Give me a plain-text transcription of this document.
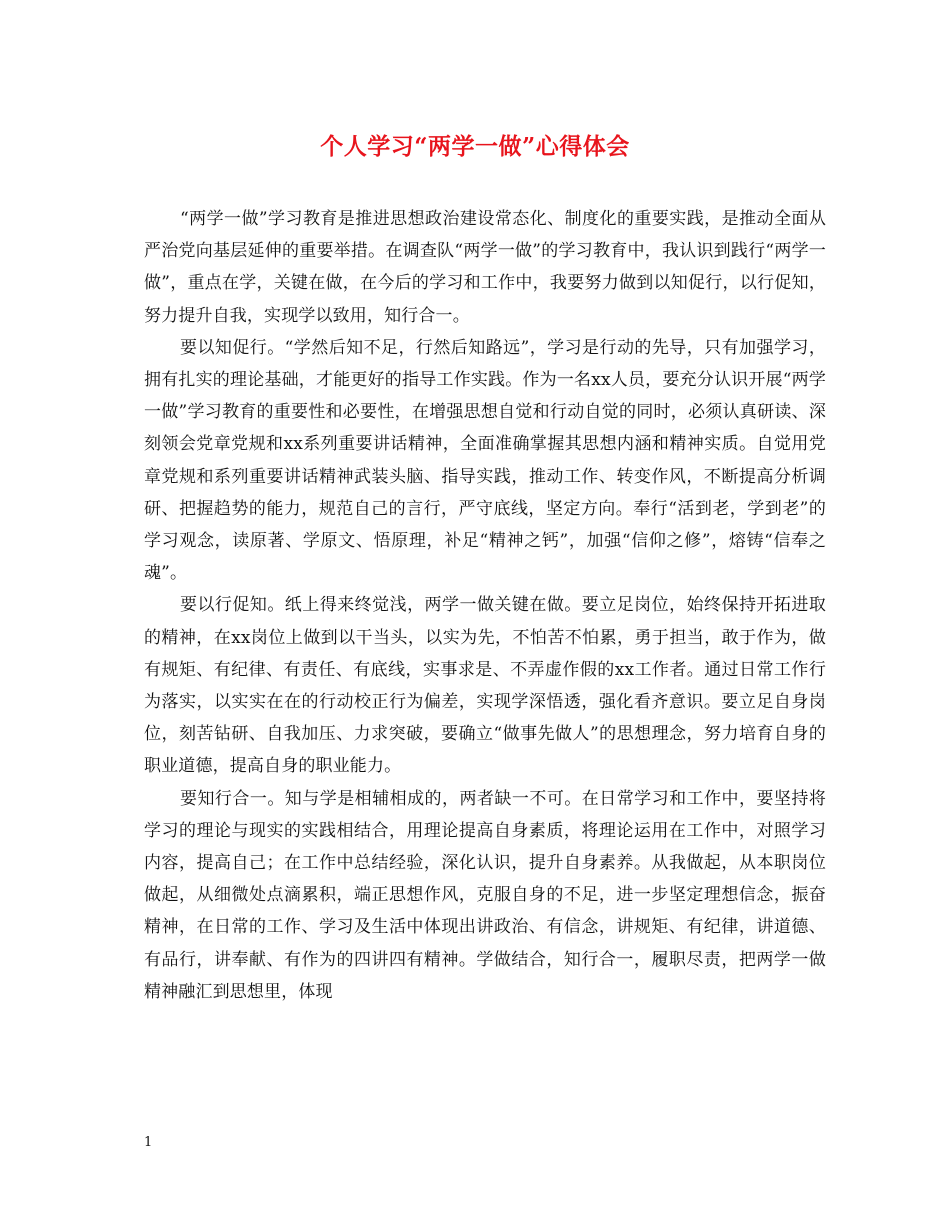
个人学习“两学一做”心得体会

“两学一做”学习教育是推进思想政治建设常态化、制度化的重要实践，是推动全面从严治党向基层延伸的重要举措。在调查队“两学一做”的学习教育中，我认识到践行“两学一做”，重点在学，关键在做，在今后的学习和工作中，我要努力做到以知促行，以行促知，努力提升自我，实现学以致用，知行合一。

要以知促行。“学然后知不足，行然后知路远”，学习是行动的先导，只有加强学习，拥有扎实的理论基础，才能更好的指导工作实践。作为一名xx人员，要充分认识开展“两学一做”学习教育的重要性和必要性，在增强思想自觉和行动自觉的同时，必须认真研读、深刻领会党章党规和xx系列重要讲话精神，全面准确掌握其思想内涵和精神实质。自觉用党章党规和系列重要讲话精神武装头脑、指导实践，推动工作、转变作风，不断提高分析调研、把握趋势的能力，规范自己的言行，严守底线，坚定方向。奉行“活到老，学到老”的学习观念，读原著、学原文、悟原理，补足“精神之钙”，加强“信仰之修”，熔铸“信奉之魂”。

要以行促知。纸上得来终觉浅，两学一做关键在做。要立足岗位，始终保持开拓进取的精神，在xx岗位上做到以干当头，以实为先，不怕苦不怕累，勇于担当，敢于作为，做有规矩、有纪律、有责任、有底线，实事求是、不弄虚作假的xx工作者。通过日常工作行为落实，以实实在在的行动校正行为偏差，实现学深悟透，强化看齐意识。要立足自身岗位，刻苦钻研、自我加压、力求突破，要确立“做事先做人”的思想理念，努力培育自身的职业道德，提高自身的职业能力。

要知行合一。知与学是相辅相成的，两者缺一不可。在日常学习和工作中，要坚持将学习的理论与现实的实践相结合，用理论提高自身素质，将理论运用在工作中，对照学习内容，提高自己；在工作中总结经验，深化认识，提升自身素养。从我做起，从本职岗位做起，从细微处点滴累积，端正思想作风，克服自身的不足，进一步坚定理想信念，振奋精神，在日常的工作、学习及生活中体现出讲政治、有信念，讲规矩、有纪律，讲道德、有品行，讲奉献、有作为的四讲四有精神。学做结合，知行合一，履职尽责，把两学一做精神融汇到思想里，体现

1
